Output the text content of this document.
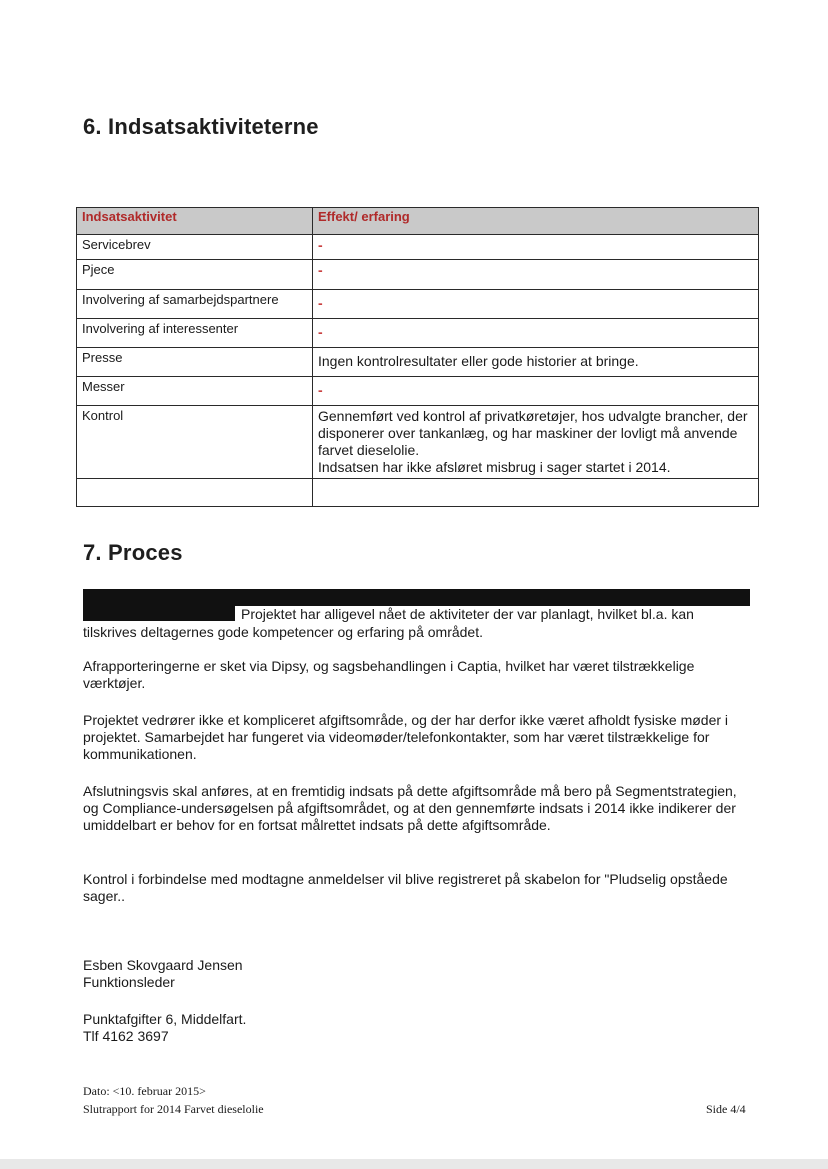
6. Indsatsaktiviteterne
Indsatsaktivitet	Effekt/ erfaring
Servicebrev	-
Pjece	-
Involvering af samarbejdspartnere	-
Involvering af interessenter	-
Presse	Ingen kontrolresultater eller gode historier at bringe.
Messer	-
Kontrol	Gennemført ved kontrol af privatkøretøjer, hos udvalgte brancher, der disponerer over tankanlæg, og har maskiner der lovligt må anvende farvet dieselolie.
Indsatsen har ikke afsløret misbrug i sager startet i 2014.

7. Proces

Projektet har alligevel nået de aktiviteter der var planlagt, hvilket bl.a. kan

tilskrives deltagernes gode kompetencer og erfaring på området.

Afrapporteringerne er sket via Dipsy, og sagsbehandlingen i Captia, hvilket har været tilstrækkelige værktøjer.

Projektet vedrører ikke et kompliceret afgiftsområde, og der har derfor ikke været afholdt fysiske møder i projektet. Samarbejdet har fungeret via videomøder/telefonkontakter, som har været tilstrækkelige for kommunikationen.

Afslutningsvis skal anføres, at en fremtidig indsats på dette afgiftsområde må bero på Segmentstrategien, og Compliance-undersøgelsen på afgiftsområdet, og at den gennemførte indsats i 2014 ikke indikerer der umiddelbart er behov for en fortsat målrettet indsats på dette afgiftsområde.

Kontrol i forbindelse med modtagne anmeldelser vil blive registreret på skabelon for "Pludselig opståede sager..

Esben Skovgaard Jensen

Funktionsleder

Punktafgifter 6, Middelfart.

Tlf 4162 3697

Dato: <10. februar 2015>

Slutrapport for 2014 Farvet dieselolie	Side 4/4
